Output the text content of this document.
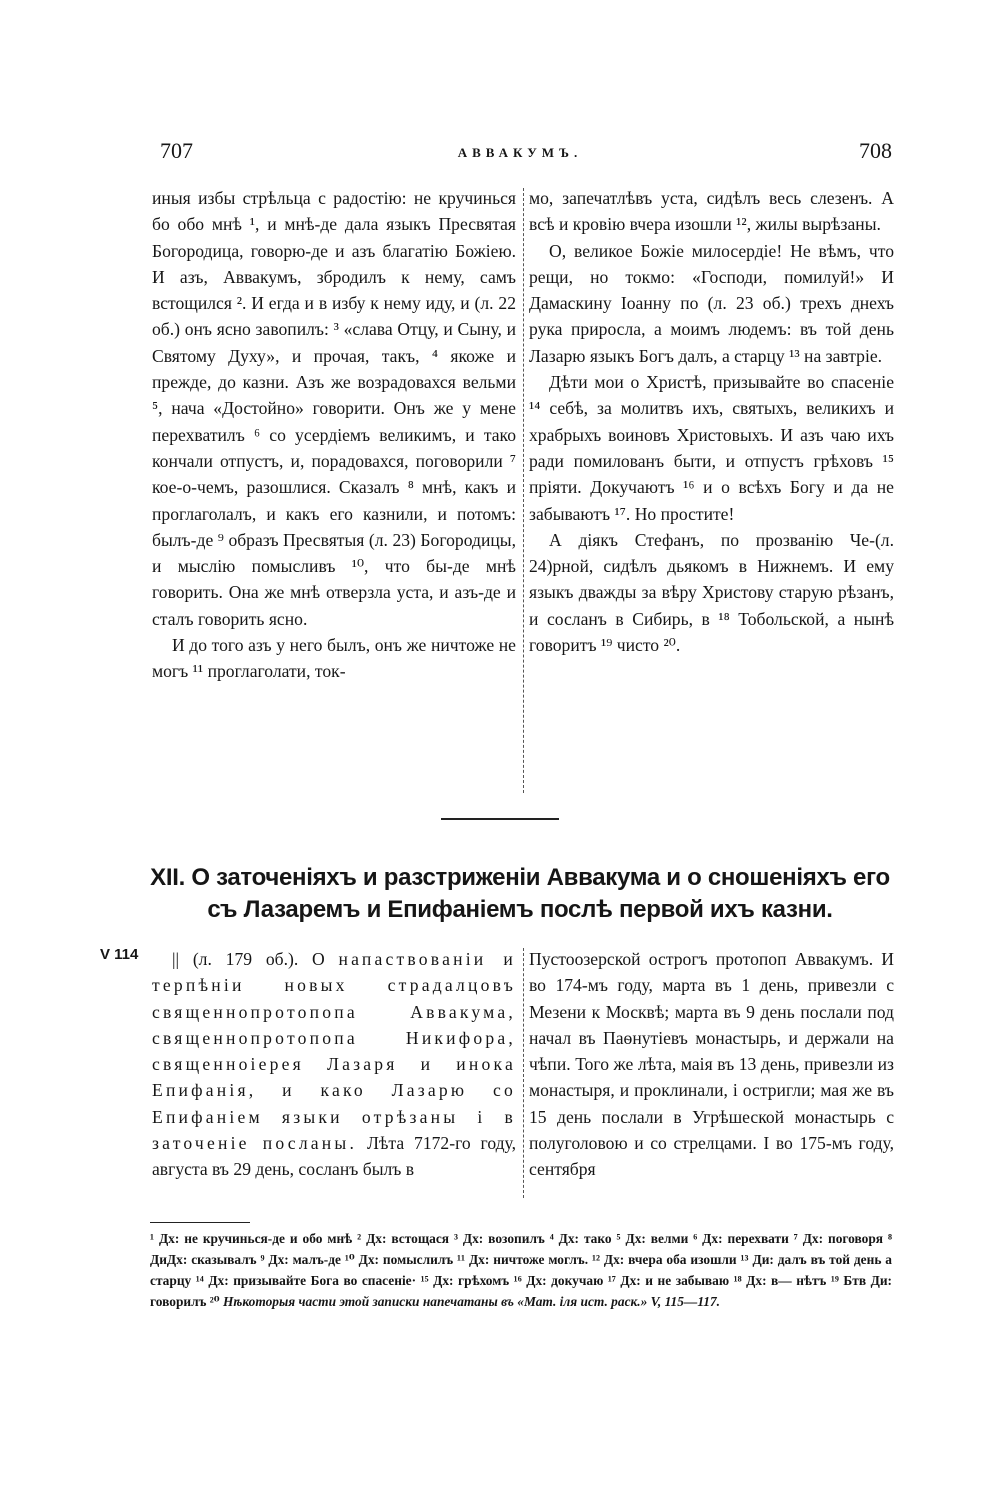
707	АВВАКУМЪ.	708

иныя избы стрѣльца с радостію: не кручинься бо обо мнѣ ¹, и мнѣ-де дала языкъ Пресвятая Богородица, говорю-де и азъ благатію Божіею. И азъ, Аввакумъ, збродилъ к нему, самъ встощился ². И егда и в избу к нему иду, и (л. 22 об.) онъ ясно завопилъ: ³ «слава Отцу, и Сыну, и Святому Духу», и прочая, такъ, ⁴ якоже и прежде, до казни. Азъ же возрадовахся вельми ⁵, нача «Достойно» говорити. Онъ же у мене перехватилъ ⁶ со усердіемъ великимъ, и тако кончали отпустъ, и, порадовахся, поговорили ⁷ кое-о-чемъ, разошлися. Сказалъ ⁸ мнѣ, какъ и проглаголалъ, и какъ его казнили, и потомъ: былъ-де ⁹ образъ Пресвятыя (л. 23) Богородицы, и мыслію помысливъ ¹⁰, что бы-де мнѣ говорить. Она же мнѣ отверзла уста, и азъ-де и сталъ говорить ясно.

И до того азъ у него былъ, онъ же ничтоже не могъ ¹¹ проглаголати, ток-

мо, запечатлѣвъ уста, сидѣлъ весь слезенъ. А всѣ и кровію вчера изошли ¹², жилы вырѣзаны.

О, великое Божіе милосердіе! Не вѣмъ, что рещи, но токмо: «Господи, помилуй!» И Дамаскину Іоанну по (л. 23 об.) трехъ днехъ рука приросла, а моимъ людемъ: въ той день Лазарю языкъ Богъ далъ, а старцу ¹³ на завтріе.

Дѣти мои о Христѣ, призывайте во спасеніе ¹⁴ себѣ, за молитвъ ихъ, святыхъ, великихъ и храбрыхъ воиновъ Христовыхъ. И азъ чаю ихъ ради помилованъ быти, и отпустъ грѣховъ ¹⁵ пріяти. Докучаютъ ¹⁶ и о всѣхъ Богу и да не забываютъ ¹⁷. Но простите!

А діякъ Стефанъ, по прозванію Че-(л. 24)рной, сидѣлъ дьякомъ в Нижнемъ. И ему языкъ дважды за вѣру Христову старую рѣзанъ, и сосланъ в Сибирь, в ¹⁸ Тобольской, а нынѣ говоритъ ¹⁹ чисто ²⁰.

XII. О заточеніяхъ и разстриженіи Аввакума и о сношеніяхъ его
съ Лазаремъ и Епифаніемъ послѣ первой ихъ казни.
V 114	|| (л. 179 об.). О напаствованіи и терпѣніи новых страдалцовъ священнопротопопа Аввакума, священнопротопопа Никифора, священноіерея Лазаря и инока Епифанія, и како Лазарю со Епифаніем языки отрѣзаны і в заточеніе посланы. Лѣта 7172-го году, августа въ 29 день, сосланъ былъ в

Пустоозерской острогъ протопоп Аввакумъ. И во 174-мъ году, марта въ 1 день, привезли с Мезени к Москвѣ; марта въ 9 день послали под начал въ Паѳнутіевъ монастырь, и держали на чѣпи. Того же лѣта, маія въ 13 день, привезли из монастыря, и проклинали, і остригли; мая же въ 15 день послали в Угрѣшеской монастырь с полуголовою и со стрелцами. І во 175-мъ году, сентября

¹ Дх: не кручинься-де и обо мнѣ ² Дх: встощася ³ Дх: возопилъ ⁴ Дх: тако ⁵ Дх: велми ⁶ Дх: перехвати ⁷ Дх: поговоря ⁸ ДиДх: сказывалъ ⁹ Дх: малъ-де ¹⁰ Дх: помыслилъ ¹¹ Дх: ничтоже моглъ. ¹² Дх: вчера оба изошли ¹³ Ди: далъ въ той день а старцу ¹⁴ Дх: призывайте Бога во спасеніе· ¹⁵ Дх: грѣхомъ ¹⁶ Дх: докучаю ¹⁷ Дх: и не забываю ¹⁸ Дх: в— нѣтъ ¹⁹ Бтв Ди: говорилъ ²⁰ Нѣкоторыя части этой записки напечатаны въ «Мат. іля ист. раск.» V, 115—117.
